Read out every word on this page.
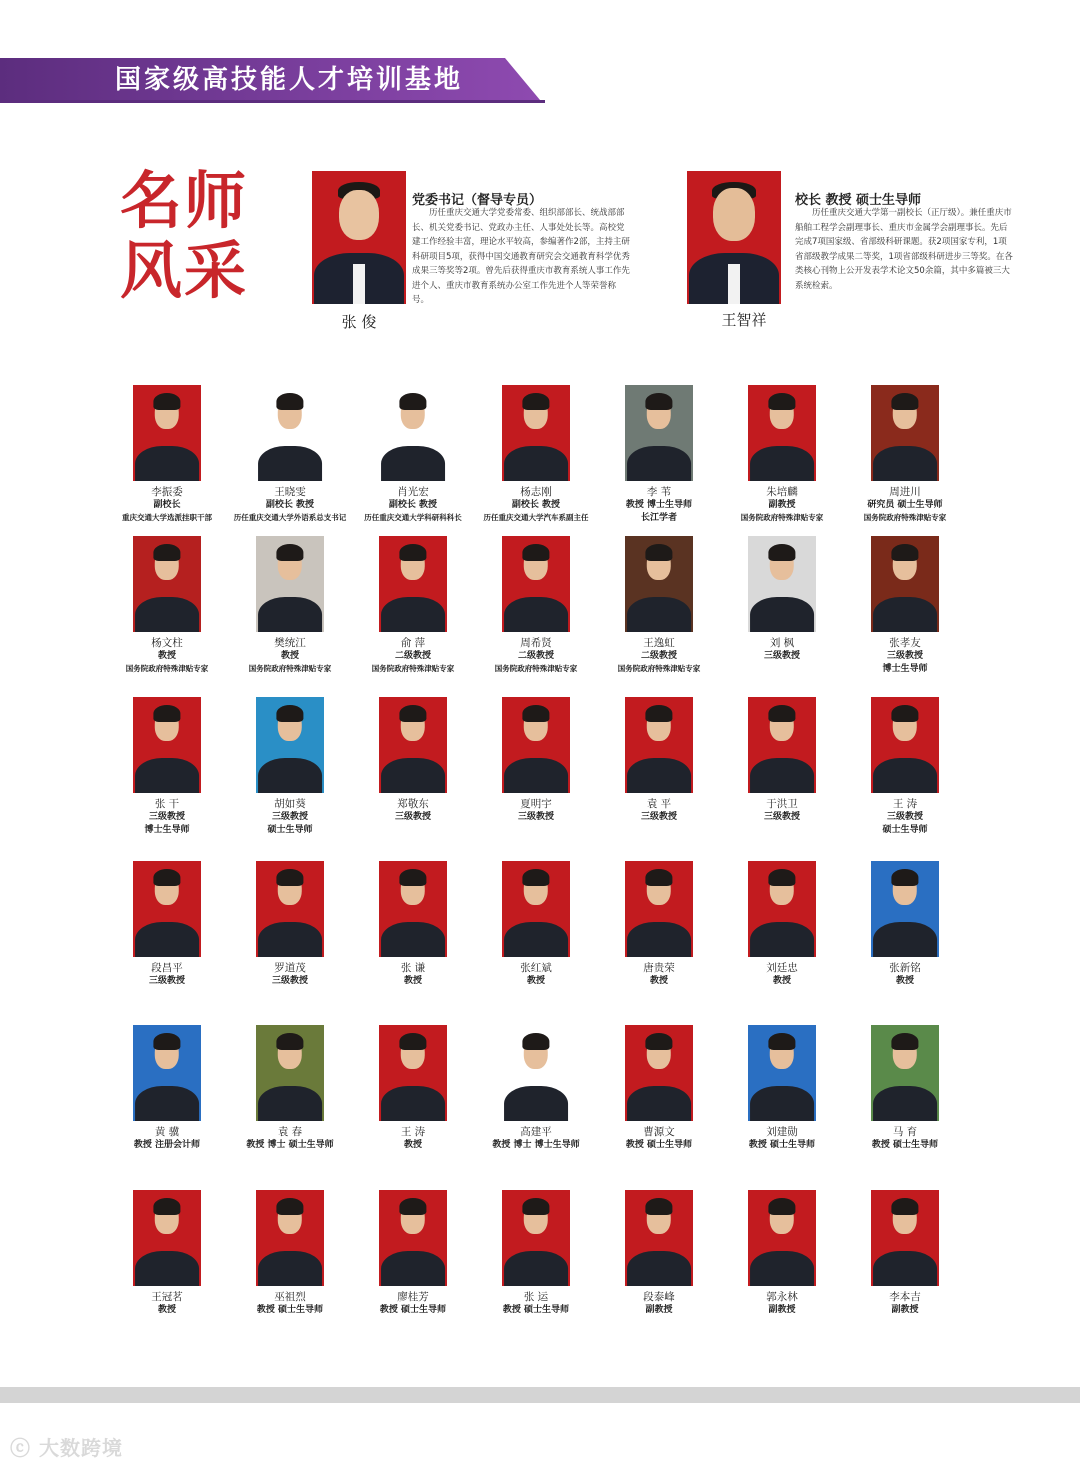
国家级高技能人才培训基地
名师
风采
张 俊
党委书记（督导专员）
历任重庆交通大学党委常委、组织部部长、统战部部长、机关党委书记、党政办主任、人事处处长等。高校党建工作经验丰富，理论水平较高，参编著作2部，主持主研科研项目5项，获得中国交通教育研究会交通教育科学优秀成果三等奖等2项。曾先后获得重庆市教育系统人事工作先进个人、重庆市教育系统办公室工作先进个人等荣誉称号。
王智祥
校长 教授 硕士生导师
历任重庆交通大学第一副校长（正厅级）。兼任重庆市船舶工程学会副理事长、重庆市金属学会副理事长。先后完成7项国家级、省部级科研课题。获2项国家专利，1项省部级教学成果二等奖，1项省部级科研进步三等奖。在各类核心刊物上公开发表学术论文50余篇，其中多篇被三大系统检索。
李振委
副校长
重庆交通大学选派挂职干部
王晓雯
副校长 教授
历任重庆交通大学外语系总支书记
肖光宏
副校长 教授
历任重庆交通大学科研科科长
杨志刚
副校长 教授
历任重庆交通大学汽车系副主任
李 苇
教授 博士生导师
长江学者
朱培麟
副教授
国务院政府特殊津贴专家
周进川
研究员 硕士生导师
国务院政府特殊津贴专家
杨文柱
教授
国务院政府特殊津贴专家
樊统江
教授
国务院政府特殊津贴专家
俞 萍
二级教授
国务院政府特殊津贴专家
周希贤
二级教授
国务院政府特殊津贴专家
王逸虹
二级教授
国务院政府特殊津贴专家
刘 枫
三级教授
张孝友
三级教授
博士生导师
张 干
三级教授
博士生导师
胡如葵
三级教授
硕士生导师
郑敬东
三级教授
夏明宇
三级教授
袁 平
三级教授
于洪卫
三级教授
王 涛
三级教授
硕士生导师
段昌平
三级教授
罗道茂
三级教授
张 谦
教授
张红斌
教授
唐贵荣
教授
刘廷忠
教授
张新铭
教授
黄 骥
教授 注册会计师
袁 春
教授 博士 硕士生导师
王 涛
教授
高建平
教授 博士 博士生导师
曹源文
教授 硕士生导师
刘建勋
教授 硕士生导师
马 育
教授 硕士生导师
王冠茗
教授
巫祖烈
教授 硕士生导师
廖桂芳
教授 硕士生导师
张 运
教授 硕士生导师
段泰峰
副教授
郭永林
副教授
李本吉
副教授
ⓒ 大数跨境
